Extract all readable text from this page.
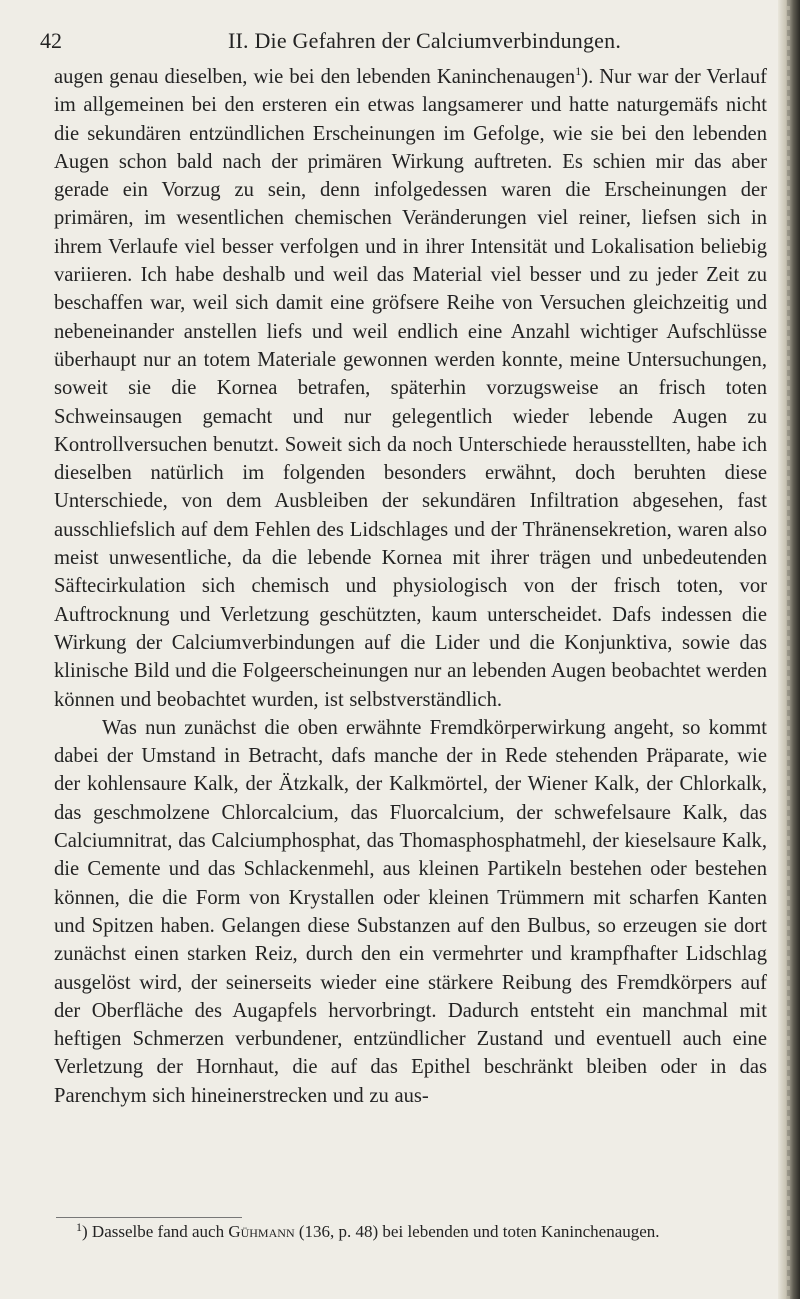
42	II. Die Gefahren der Calciumverbindungen.

augen genau dieselben, wie bei den lebenden Kaninchenaugen$^1$). Nur war der Verlauf im allgemeinen bei den ersteren ein etwas langsamerer und hatte naturgemäfs nicht die sekundären entzündlichen Erscheinungen im Gefolge, wie sie bei den lebenden Augen schon bald nach der primären Wirkung auftreten. Es schien mir das aber gerade ein Vorzug zu sein, denn infolgedessen waren die Erscheinungen der primären, im wesentlichen chemischen Veränderungen viel reiner, liefsen sich in ihrem Verlaufe viel besser verfolgen und in ihrer Intensität und Lokalisation beliebig variieren. Ich habe deshalb und weil das Material viel besser und zu jeder Zeit zu beschaffen war, weil sich damit eine gröfsere Reihe von Versuchen gleichzeitig und nebeneinander anstellen liefs und weil endlich eine Anzahl wichtiger Aufschlüsse überhaupt nur an totem Materiale gewonnen werden konnte, meine Untersuchungen, soweit sie die Kornea betrafen, späterhin vorzugsweise an frisch toten Schweinsaugen gemacht und nur gelegentlich wieder lebende Augen zu Kontrollversuchen benutzt. Soweit sich da noch Unterschiede herausstellten, habe ich dieselben natürlich im folgenden besonders erwähnt, doch beruhten diese Unterschiede, von dem Ausbleiben der sekundären Infiltration abgesehen, fast ausschliefslich auf dem Fehlen des Lidschlages und der Thränensekretion, waren also meist unwesentliche, da die lebende Kornea mit ihrer trägen und unbedeutenden Säftecirkulation sich chemisch und physiologisch von der frisch toten, vor Auftrocknung und Verletzung geschützten, kaum unterscheidet. Dafs indessen die Wirkung der Calciumverbindungen auf die Lider und die Konjunktiva, sowie das klinische Bild und die Folgeerscheinungen nur an lebenden Augen beobachtet werden können und beobachtet wurden, ist selbstverständlich.

Was nun zunächst die oben erwähnte Fremdkörperwirkung angeht, so kommt dabei der Umstand in Betracht, dafs manche der in Rede stehenden Präparate, wie der kohlensaure Kalk, der Ätzkalk, der Kalkmörtel, der Wiener Kalk, der Chlorkalk, das geschmolzene Chlorcalcium, das Fluorcalcium, der schwefelsaure Kalk, das Calciumnitrat, das Calciumphosphat, das Thomasphosphatmehl, der kieselsaure Kalk, die Cemente und das Schlackenmehl, aus kleinen Partikeln bestehen oder bestehen können, die die Form von Krystallen oder kleinen Trümmern mit scharfen Kanten und Spitzen haben. Gelangen diese Substanzen auf den Bulbus, so erzeugen sie dort zunächst einen starken Reiz, durch den ein vermehrter und krampfhafter Lidschlag ausgelöst wird, der seinerseits wieder eine stärkere Reibung des Fremdkörpers auf der Oberfläche des Augapfels hervorbringt. Dadurch entsteht ein manchmal mit heftigen Schmerzen verbundener, entzündlicher Zustand und eventuell auch eine Verletzung der Hornhaut, die auf das Epithel beschränkt bleiben oder in das Parenchym sich hineinerstrecken und zu aus-

$^1$) Dasselbe fand auch Gühmann (136, p. 48) bei lebenden und toten Kaninchenaugen.
